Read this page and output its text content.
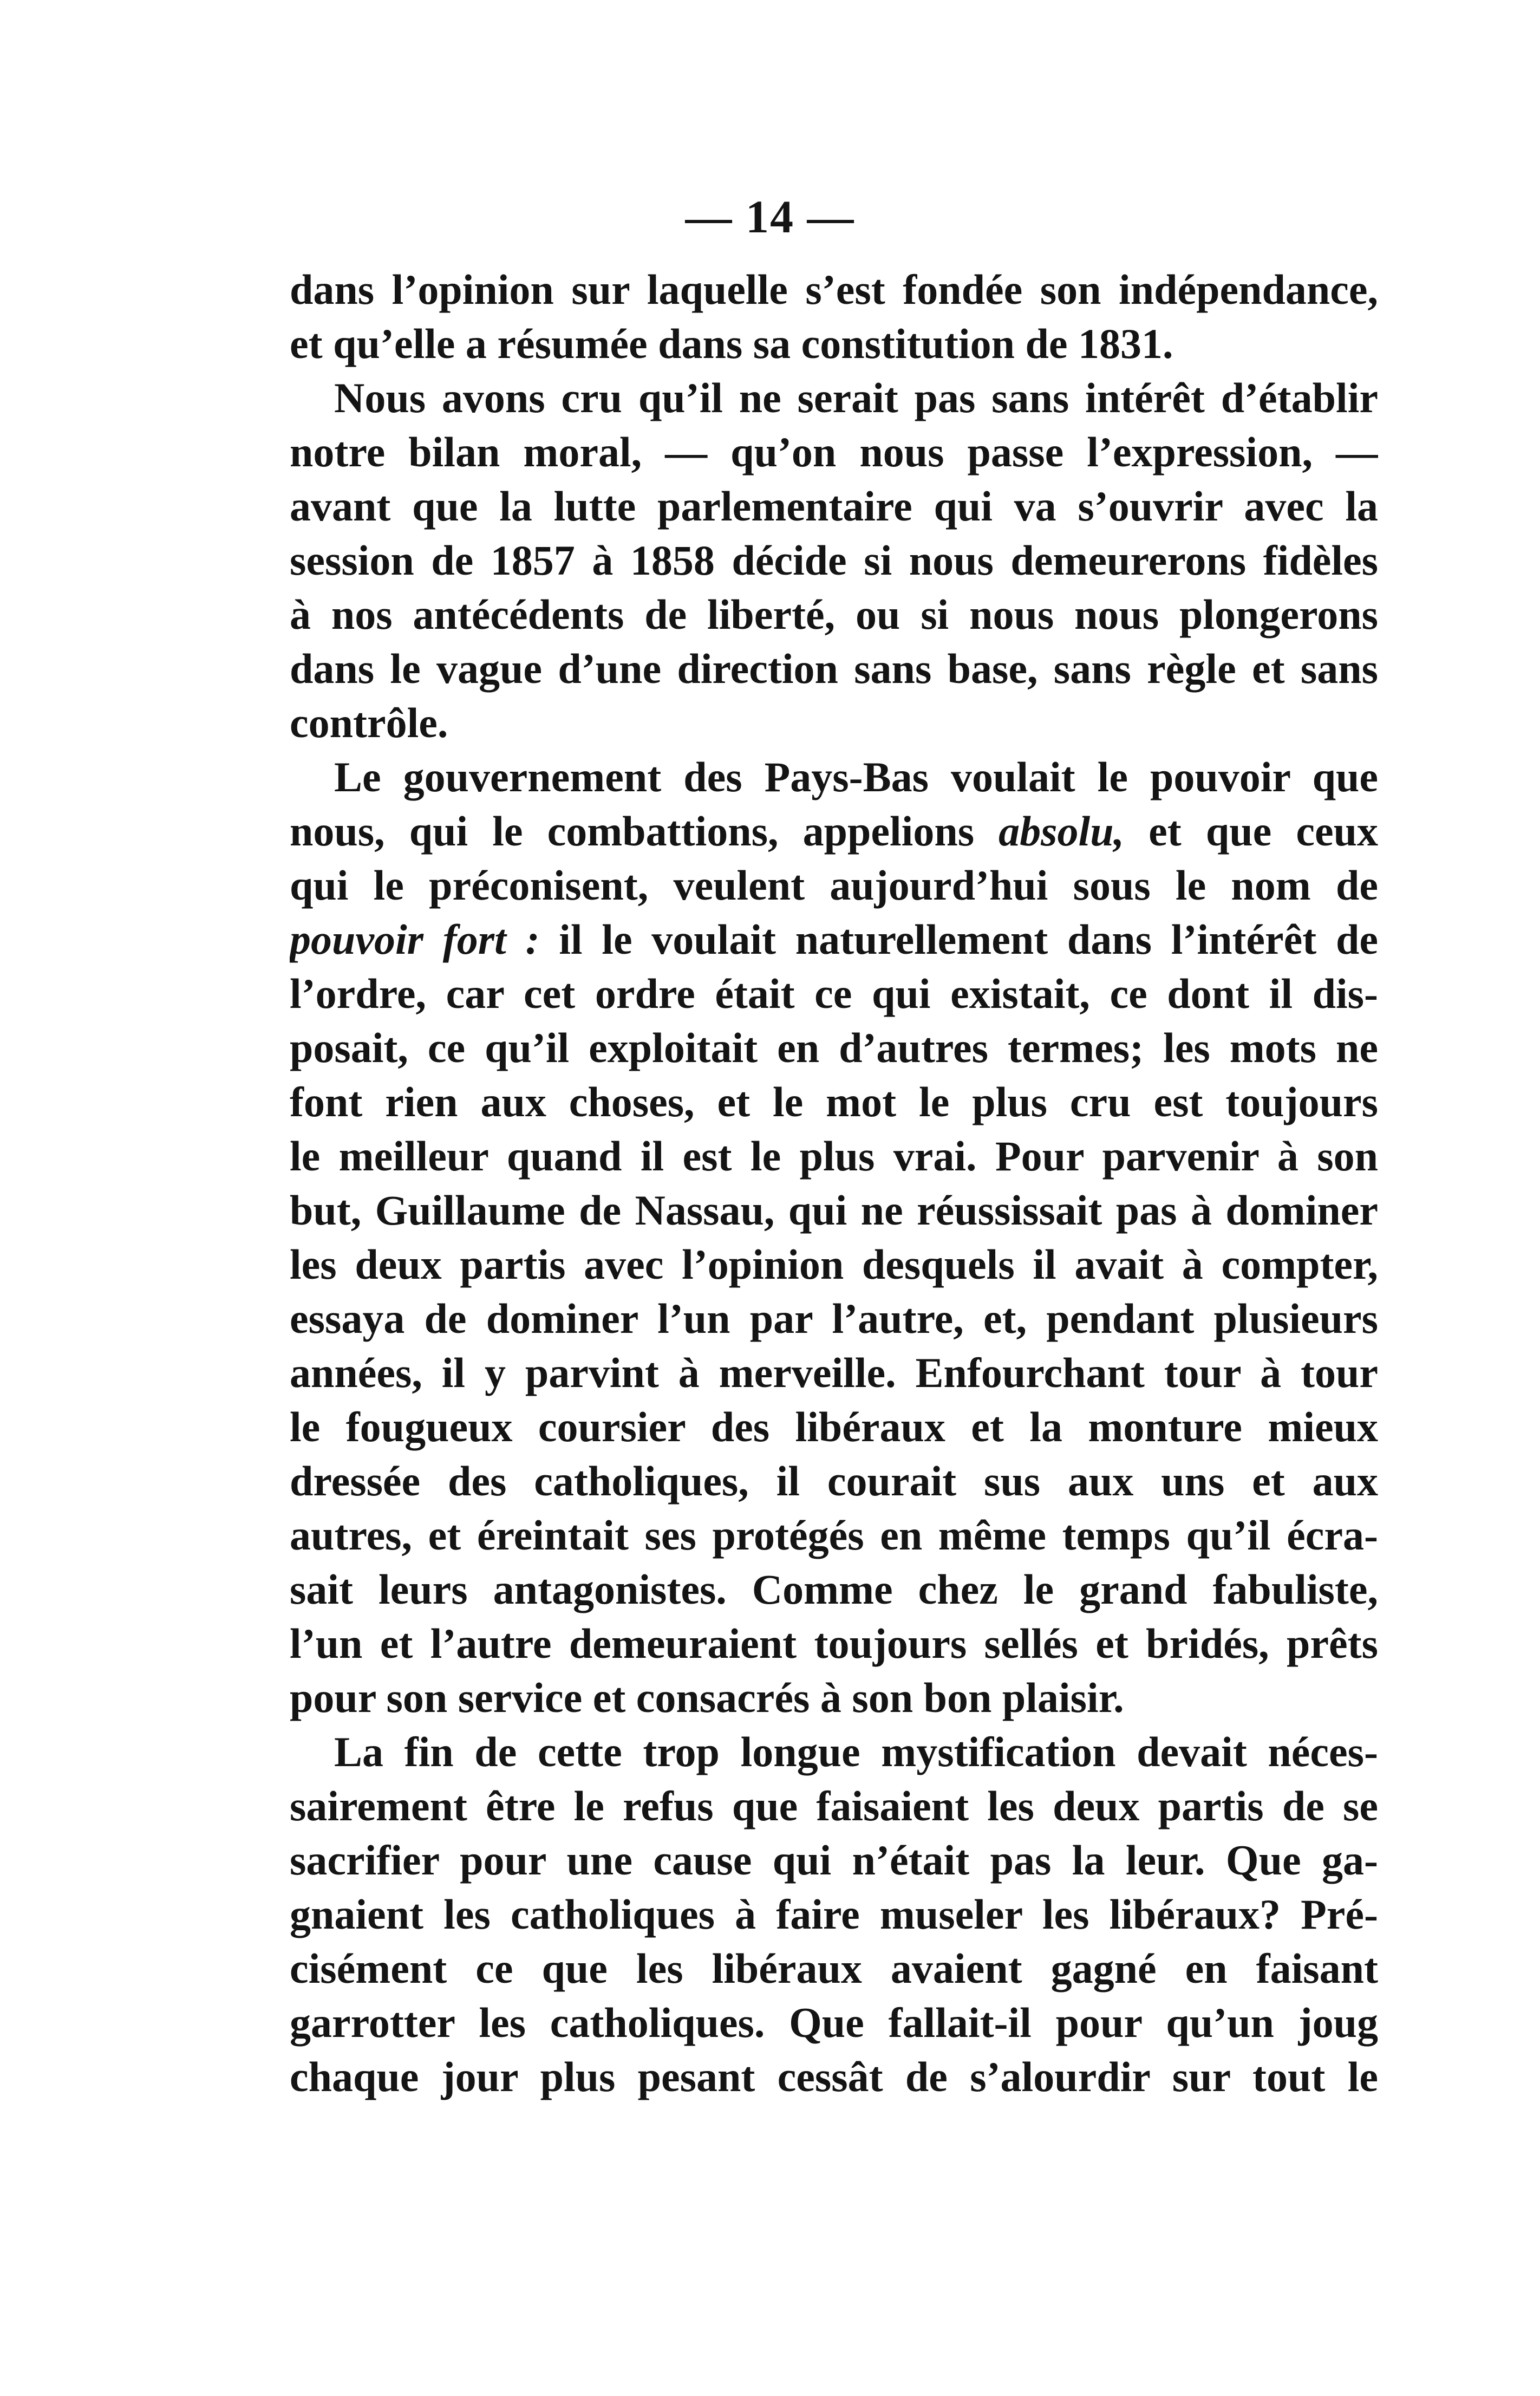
— 14 —
dans l’opinion sur laquelle s’est fondée son indépendance,
et qu’elle a résumée dans sa constitution de 1831.
Nous avons cru qu’il ne serait pas sans intérêt d’établir
notre bilan moral, — qu’on nous passe l’expression, —
avant que la lutte parlementaire qui va s’ouvrir avec la
session de 1857 à 1858 décide si nous demeurerons fidèles
à nos antécédents de liberté, ou si nous nous plongerons
dans le vague d’une direction sans base, sans règle et sans
contrôle.
Le gouvernement des Pays-Bas voulait le pouvoir que
nous, qui le combattions, appelions absolu, et que ceux
qui le préconisent, veulent aujourd’hui sous le nom de
pouvoir fort : il le voulait naturellement dans l’intérêt de
l’ordre, car cet ordre était ce qui existait, ce dont il dis-
posait, ce qu’il exploitait en d’autres termes; les mots ne
font rien aux choses, et le mot le plus cru est toujours
le meilleur quand il est le plus vrai. Pour parvenir à son
but, Guillaume de Nassau, qui ne réussissait pas à dominer
les deux partis avec l’opinion desquels il avait à compter,
essaya de dominer l’un par l’autre, et, pendant plusieurs
années, il y parvint à merveille. Enfourchant tour à tour
le fougueux coursier des libéraux et la monture mieux
dressée des catholiques, il courait sus aux uns et aux
autres, et éreintait ses protégés en même temps qu’il écra-
sait leurs antagonistes. Comme chez le grand fabuliste,
l’un et l’autre demeuraient toujours sellés et bridés, prêts
pour son service et consacrés à son bon plaisir.
La fin de cette trop longue mystification devait néces-
sairement être le refus que faisaient les deux partis de se
sacrifier pour une cause qui n’était pas la leur. Que ga-
gnaient les catholiques à faire museler les libéraux? Pré-
cisément ce que les libéraux avaient gagné en faisant
garrotter les catholiques. Que fallait-il pour qu’un joug
chaque jour plus pesant cessât de s’alourdir sur tout le
